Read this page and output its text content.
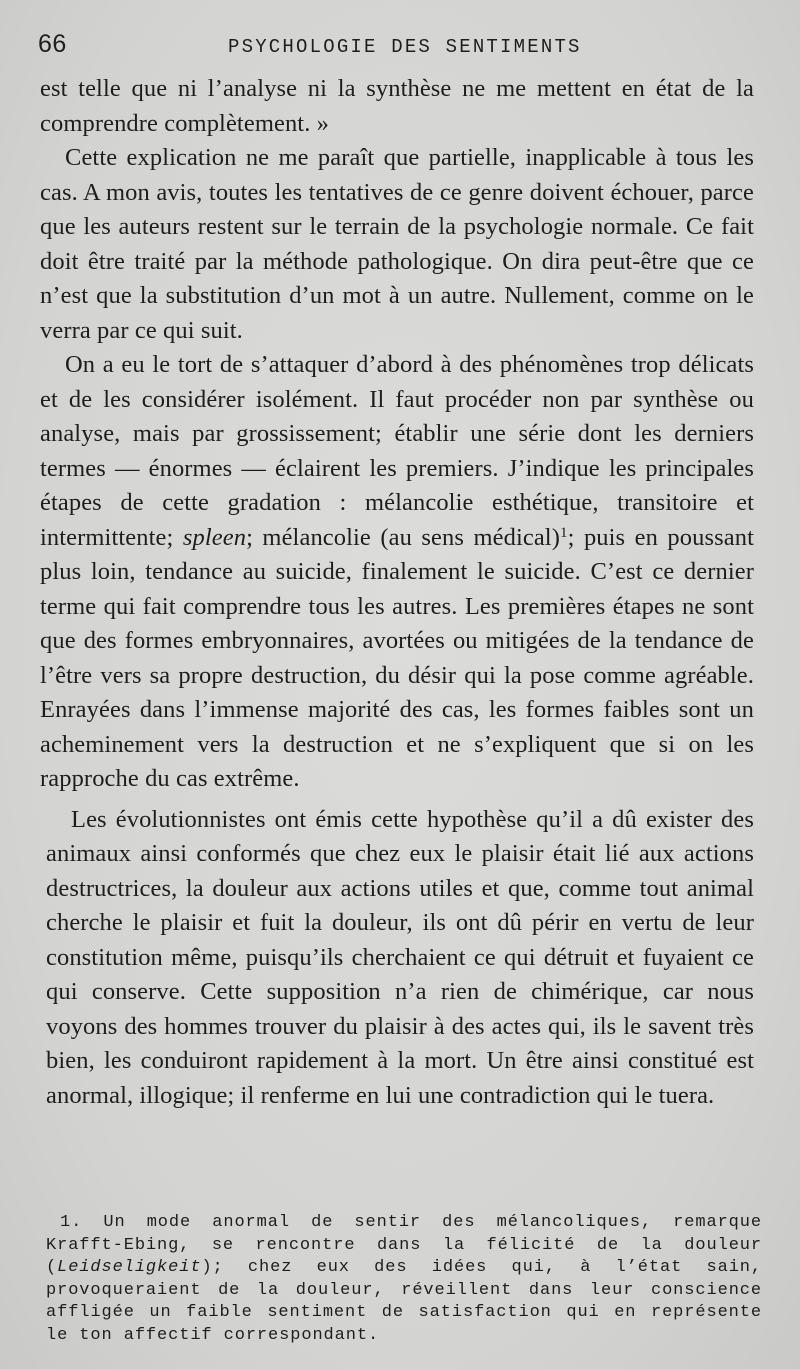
66	PSYCHOLOGIE DES SENTIMENTS

est telle que ni l’analyse ni la synthèse ne me mettent en état de la comprendre complètement. »

Cette explication ne me paraît que partielle, inapplicable à tous les cas. A mon avis, toutes les tentatives de ce genre doivent échouer, parce que les auteurs restent sur le terrain de la psychologie normale. Ce fait doit être traité par la méthode pathologique. On dira peut-être que ce n’est que la substitution d’un mot à un autre. Nullement, comme on le verra par ce qui suit.

On a eu le tort de s’attaquer d’abord à des phénomènes trop délicats et de les considérer isolément. Il faut procéder non par synthèse ou analyse, mais par grossissement; établir une série dont les derniers termes — énormes — éclairent les premiers. J’indique les principales étapes de cette gradation : mélancolie esthétique, transitoire et intermittente; spleen; mélancolie (au sens médical)$^1$; puis en poussant plus loin, tendance au suicide, finalement le suicide. C’est ce dernier terme qui fait comprendre tous les autres. Les premières étapes ne sont que des formes embryonnaires, avortées ou mitigées de la tendance de l’être vers sa propre destruction, du désir qui la pose comme agréable. Enrayées dans l’immense majorité des cas, les formes faibles sont un acheminement vers la destruction et ne s’expliquent que si on les rapproche du cas extrême.

Les évolutionnistes ont émis cette hypothèse qu’il a dû exister des animaux ainsi conformés que chez eux le plaisir était lié aux actions destructrices, la douleur aux actions utiles et que, comme tout animal cherche le plaisir et fuit la douleur, ils ont dû périr en vertu de leur constitution même, puisqu’ils cherchaient ce qui détruit et fuyaient ce qui conserve. Cette supposition n’a rien de chimérique, car nous voyons des hommes trouver du plaisir à des actes qui, ils le savent très bien, les conduiront rapidement à la mort. Un être ainsi constitué est anormal, illogique; il renferme en lui une contradiction qui le tuera.

1. Un mode anormal de sentir des mélancoliques, remarque Krafft-Ebing, se rencontre dans la félicité de la douleur (Leidseligkeit); chez eux des idées qui, à l’état sain, provoqueraient de la douleur, réveillent dans leur conscience affligée un faible sentiment de satisfaction qui en représente le ton affectif correspondant.
